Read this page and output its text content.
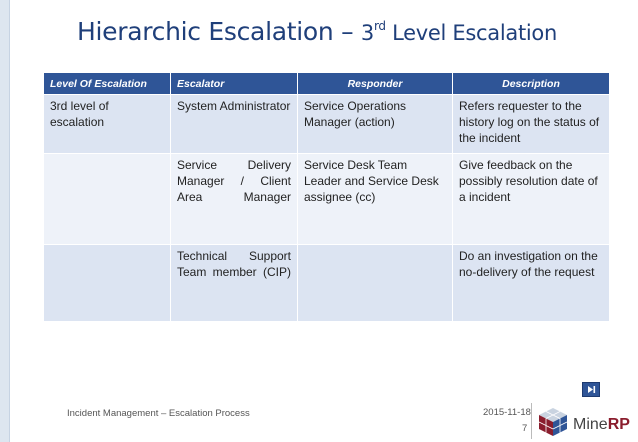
Hierarchic Escalation – 3rd Level Escalation
Level Of Escalation	Escalator	Responder	Description
3rd level of escalation	System Administrator	Service Operations Manager (action)	Refers requester to the history log on the status of the incident
	Service Delivery Manager / Client Area Manager	Service Desk Team Leader and Service Desk assignee (cc)	Give feedback on the possibly resolution date of a incident
	Technical Support Team member (CIP)		Do an investigation on the no-delivery of the request
Incident Management – Escalation Process	2015-11-18
7	MineRP
